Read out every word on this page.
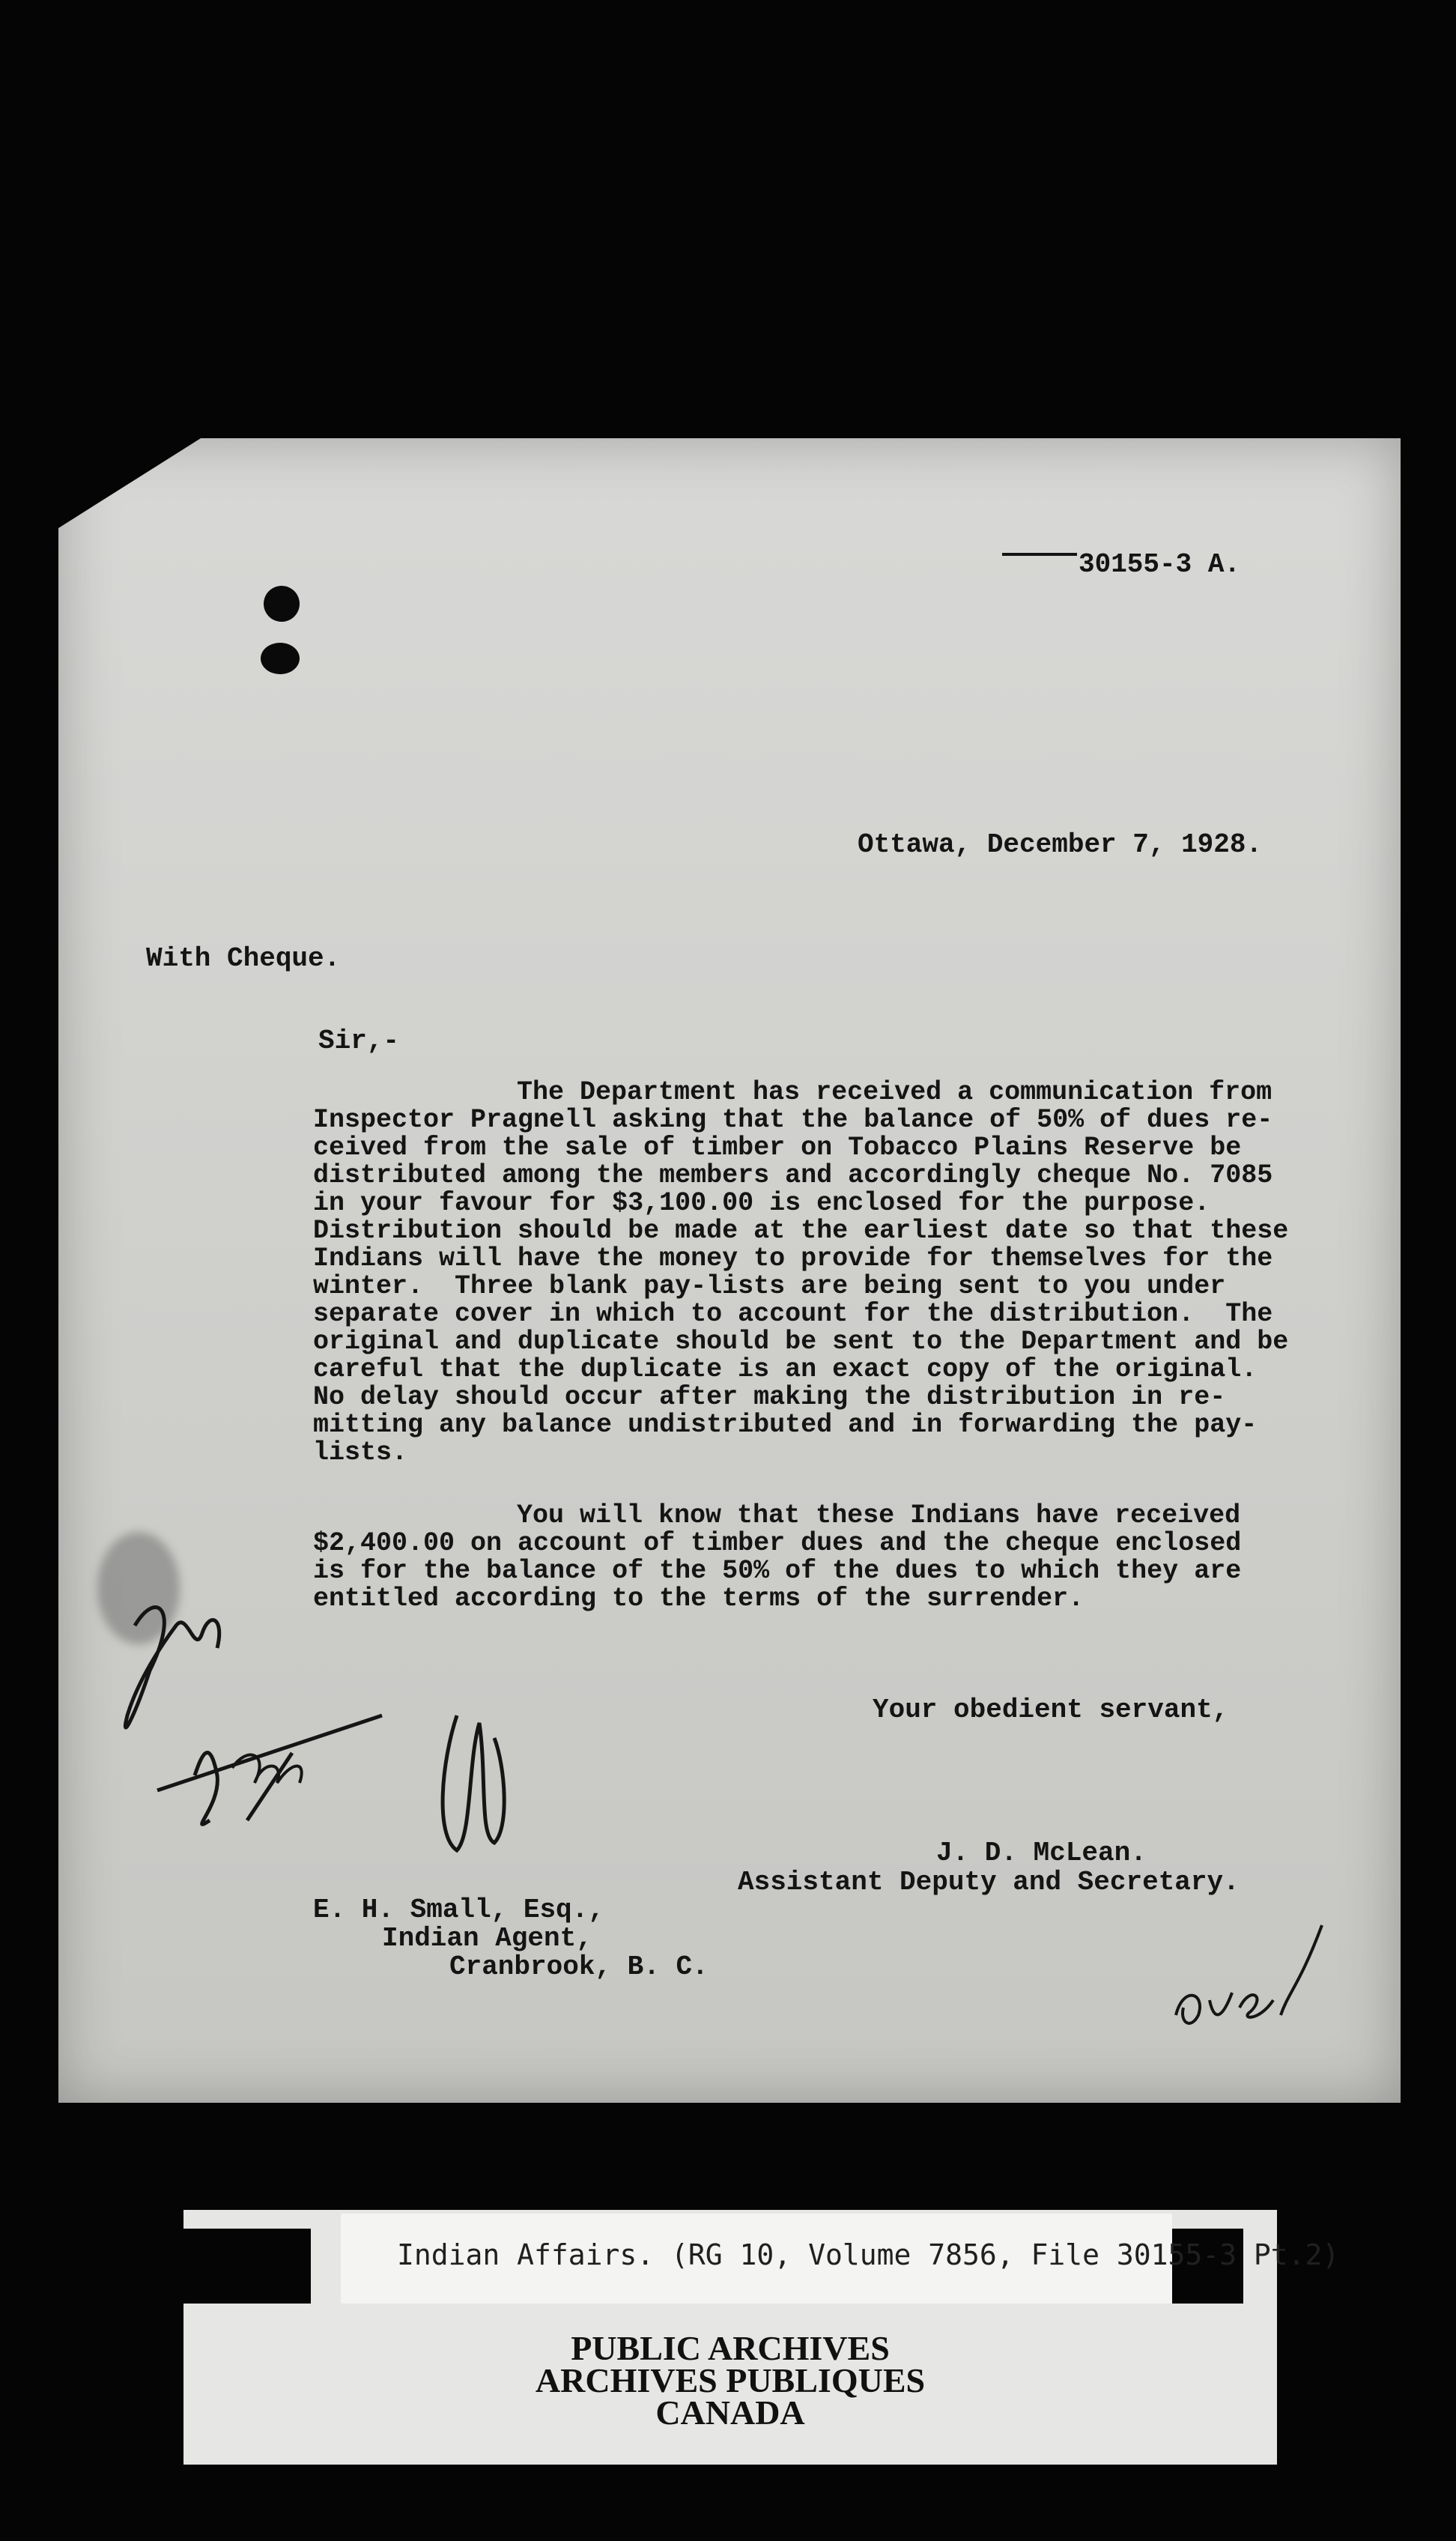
30155-3 A.
Ottawa, December 7, 1928.
With Cheque.
Sir,-
The Department has received a communication from
Inspector Pragnell asking that the balance of 50% of dues re-
ceived from the sale of timber on Tobacco Plains Reserve be
distributed among the members and accordingly cheque No. 7085
in your favour for $3,100.00 is enclosed for the purpose.
Distribution should be made at the earliest date so that these
Indians will have the money to provide for themselves for the
winter.  Three blank pay-lists are being sent to you under
separate cover in which to account for the distribution.  The
original and duplicate should be sent to the Department and be
careful that the duplicate is an exact copy of the original.
No delay should occur after making the distribution in re-
mitting any balance undistributed and in forwarding the pay-
lists.
You will know that these Indians have received
$2,400.00 on account of timber dues and the cheque enclosed
is for the balance of the 50% of the dues to which they are
entitled according to the terms of the surrender.
Your obedient servant,
J. D. McLean.
Assistant Deputy and Secretary.
E. H. Small, Esq.,
Indian Agent,
Cranbrook, B. C.
Indian Affairs. (RG 10, Volume 7856, File 30155-3 Pt.2)
PUBLIC ARCHIVES
ARCHIVES PUBLIQUES
CANADA
